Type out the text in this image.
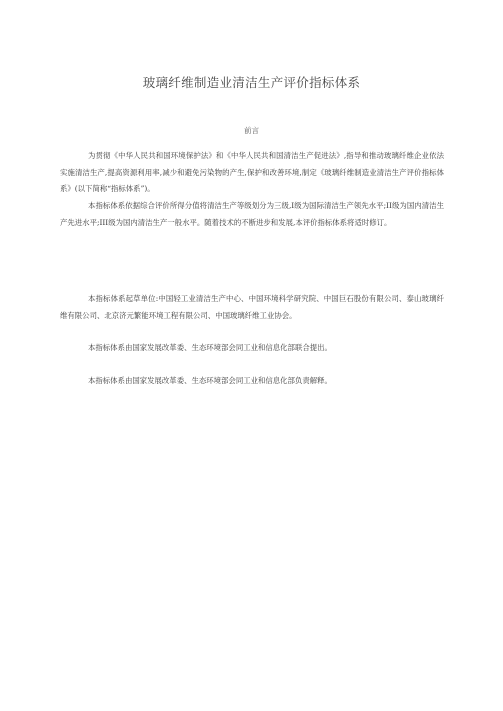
玻璃纤维制造业清洁生产评价指标体系
前言

为贯彻《中华人民共和国环境保护法》和《中华人民共和国清洁生产促进法》,指导和推动玻璃纤维企业依法实施清洁生产,提高资源利用率,减少和避免污染物的产生,保护和改善环境,制定《玻璃纤维制造业清洁生产评价指标体系》(以下简称“指标体系”)。

本指标体系依据综合评价所得分值将清洁生产等级划分为三级,I级为国际清洁生产领先水平;II级为国内清洁生产先进水平;III级为国内清洁生产一般水平。随着技术的不断进步和发展,本评价指标体系将适时修订。

本指标体系起草单位:中国轻工业清洁生产中心、中国环境科学研究院、中国巨石股份有限公司、泰山玻璃纤维有限公司、北京济元繁能环境工程有限公司、中国玻璃纤维工业协会。

本指标体系由国家发展改革委、生态环境部会同工业和信息化部联合提出。

本指标体系由国家发展改革委、生态环境部会同工业和信息化部负责解释。
